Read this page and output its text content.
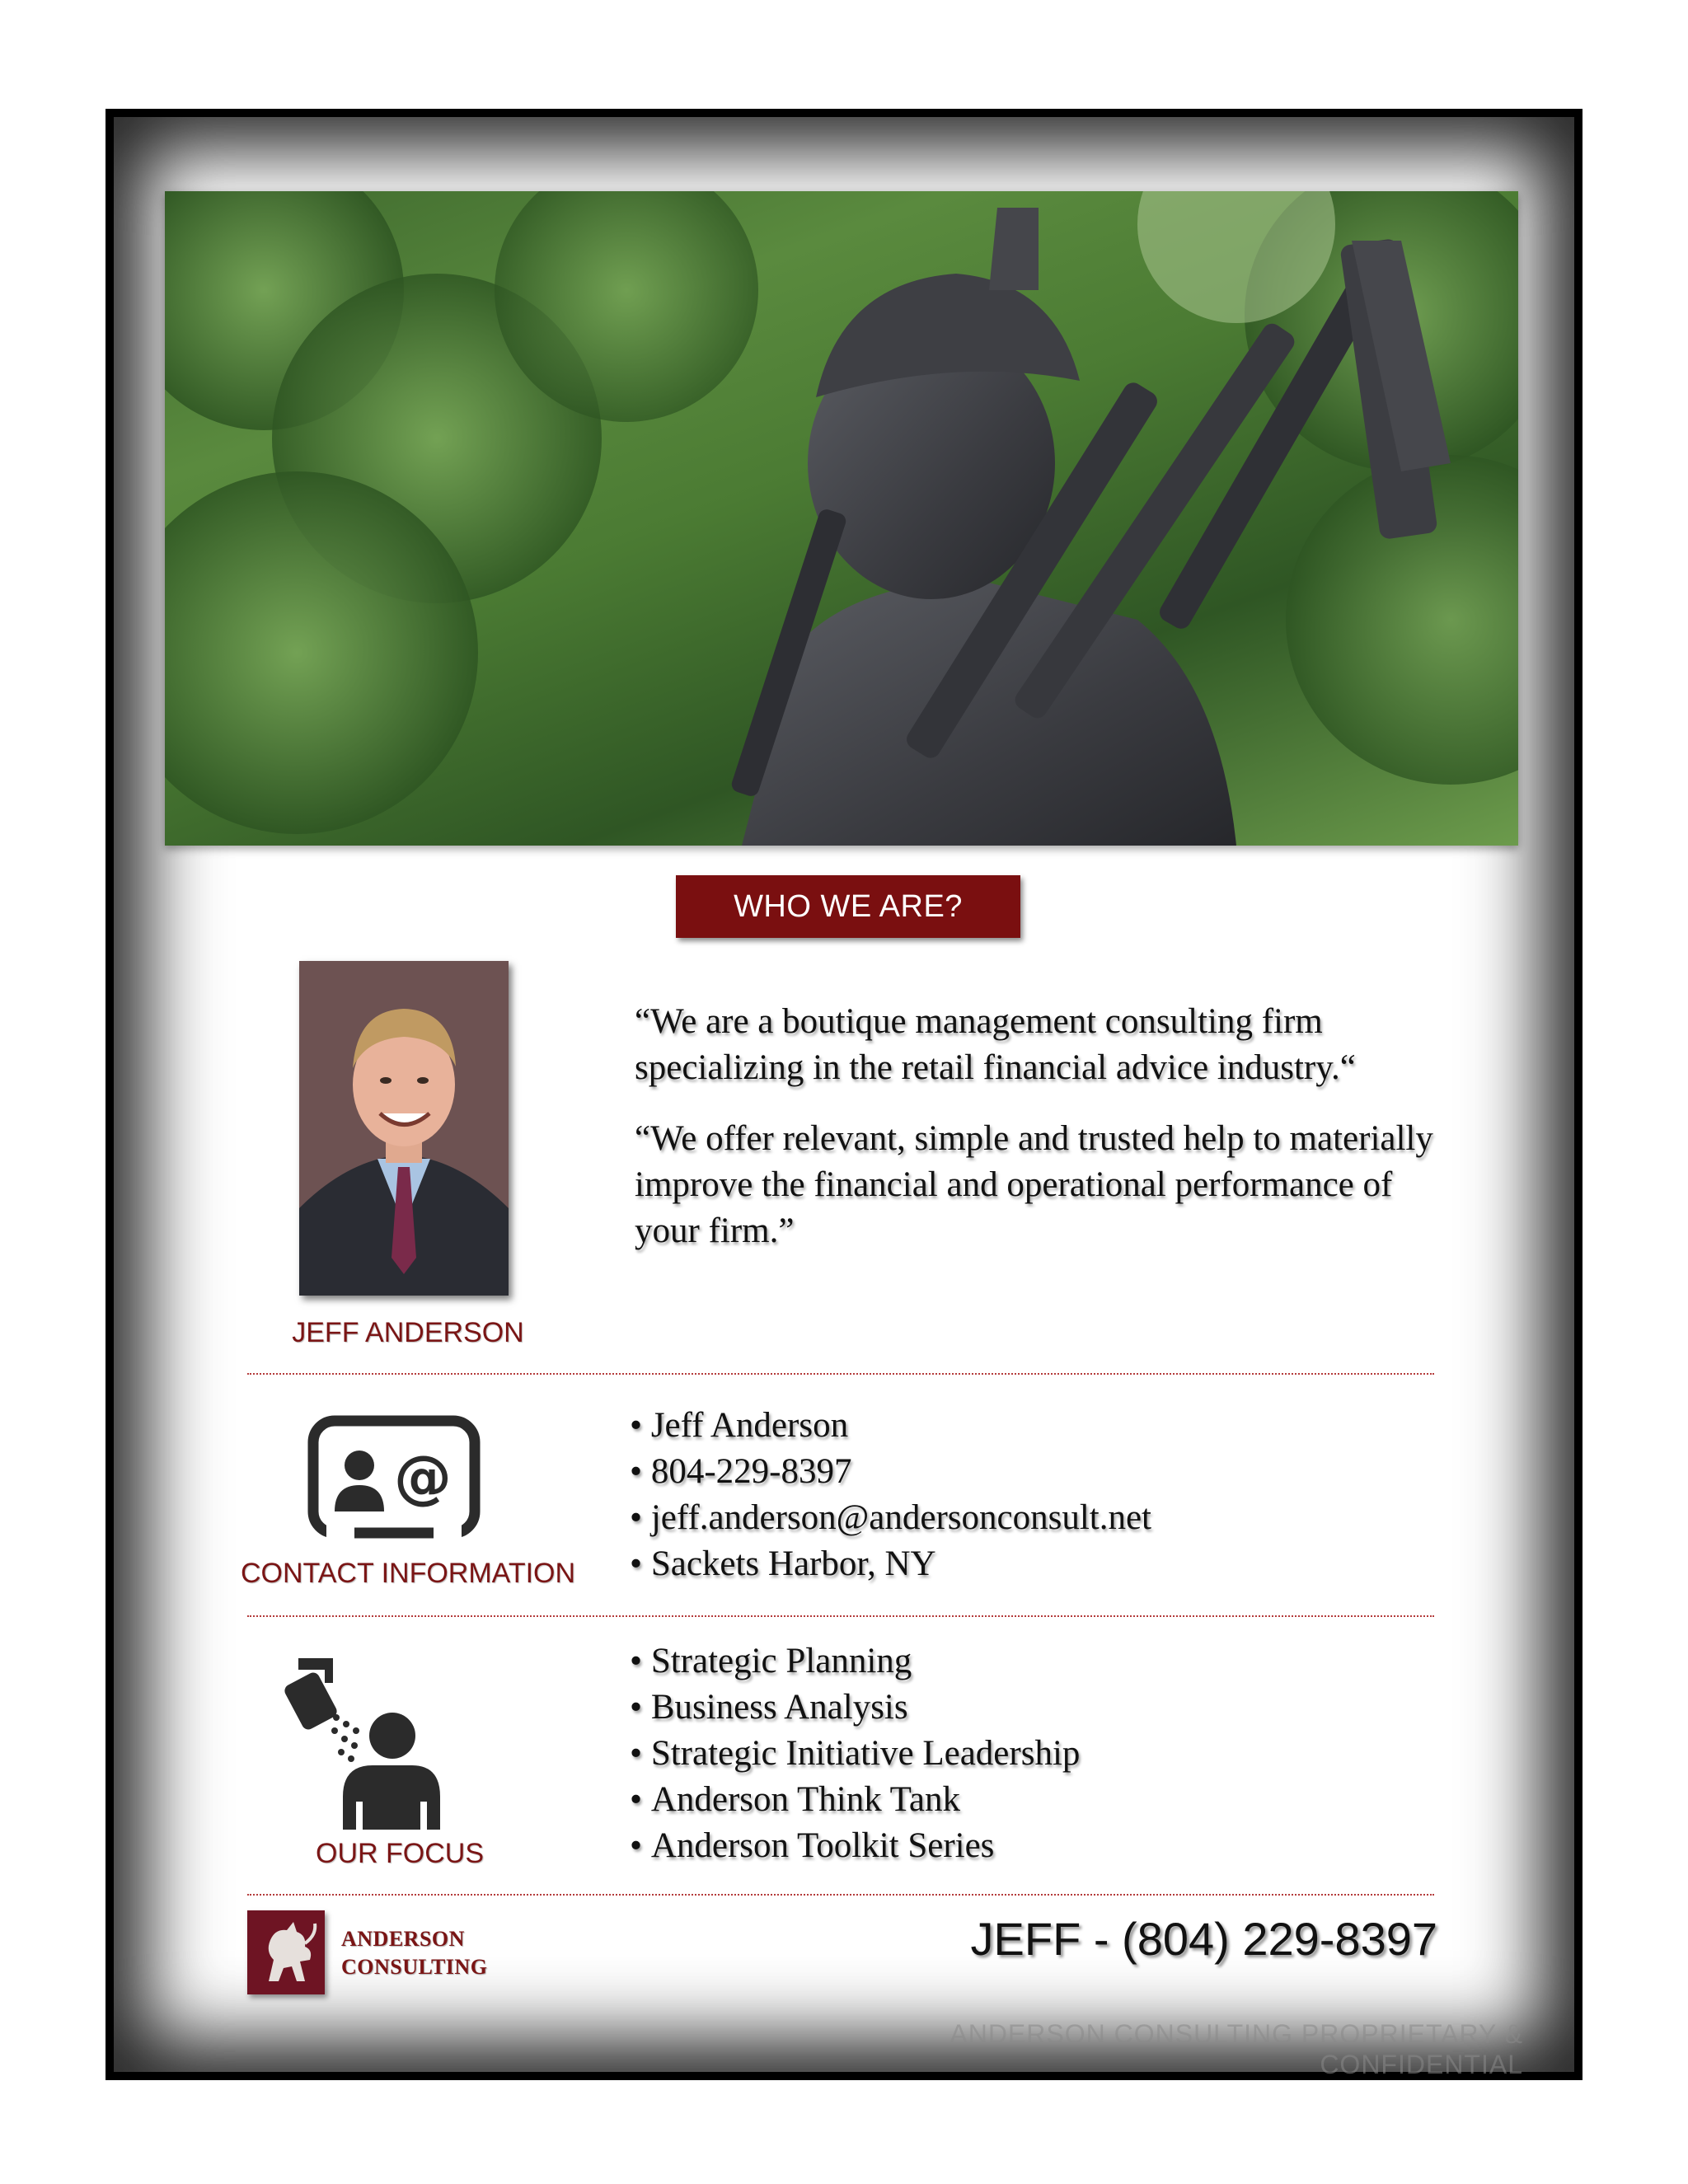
WHO WE ARE?
JEFF ANDERSON

“We are a boutique management consulting firm specializing in the retail financial advice industry.“

“We offer relevant, simple and trusted help to materially improve the financial and operational performance of your firm.”

@
CONTACT INFORMATION
• Jeff Anderson
• 804-229-8397
• jeff.anderson@andersonconsult.net
• Sackets Harbor, NY
OUR FOCUS
• Strategic Planning
• Business Analysis
• Strategic Initiative Leadership
• Anderson Think Tank
• Anderson Toolkit Series
ANDERSON
CONSULTING
JEFF - (804) 229-8397
ANDERSON CONSULTING PROPRIETARY & CONFIDENTIAL
